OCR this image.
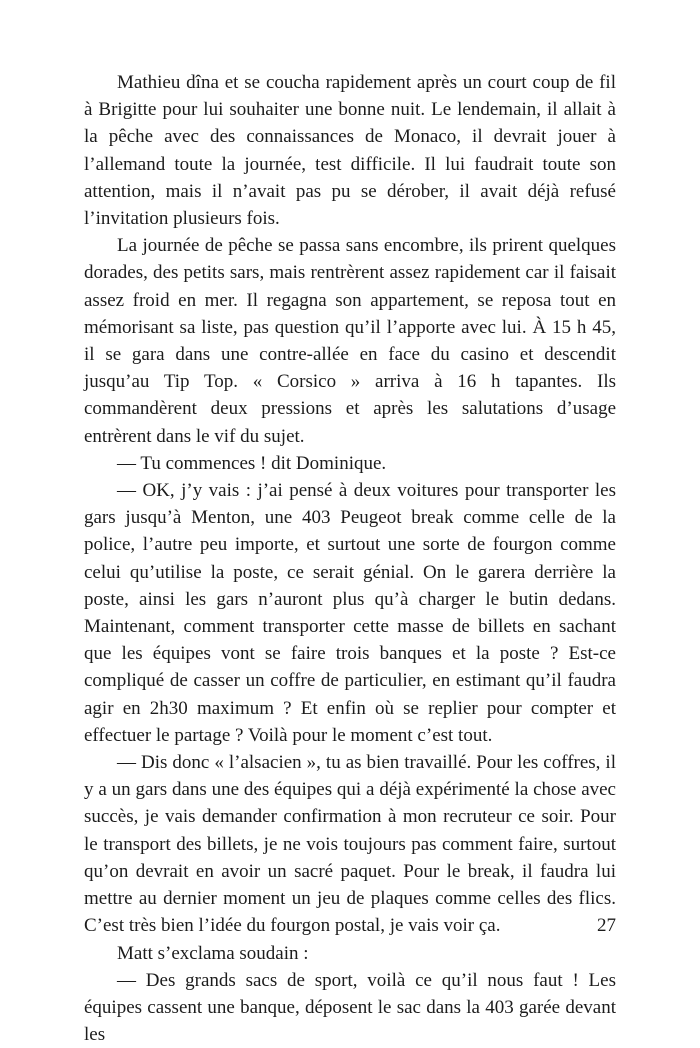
Mathieu dîna et se coucha rapidement après un court coup de fil à Brigitte pour lui souhaiter une bonne nuit. Le lendemain, il allait à la pêche avec des connaissances de Monaco, il devrait jouer à l’allemand toute la journée, test difficile. Il lui faudrait toute son attention, mais il n’avait pas pu se dérober, il avait déjà refusé l’invitation plusieurs fois.

La journée de pêche se passa sans encombre, ils prirent quelques dorades, des petits sars, mais rentrèrent assez rapidement car il faisait assez froid en mer. Il regagna son appartement, se reposa tout en mémorisant sa liste, pas question qu’il l’apporte avec lui. À 15 h 45, il se gara dans une contre-allée en face du casino et descendit jusqu’au Tip Top. « Corsico » arriva à 16 h tapantes. Ils commandèrent deux pressions et après les salutations d’usage entrèrent dans le vif du sujet.

— Tu commences ! dit Dominique.

— OK, j’y vais : j’ai pensé à deux voitures pour transporter les gars jusqu’à Menton, une 403 Peugeot break comme celle de la police, l’autre peu importe, et surtout une sorte de fourgon comme celui qu’utilise la poste, ce serait génial. On le garera derrière la poste, ainsi les gars n’auront plus qu’à charger le butin dedans. Maintenant, comment transporter cette masse de billets en sachant que les équipes vont se faire trois banques et la poste ? Est-ce compliqué de casser un coffre de particulier, en estimant qu’il faudra agir en 2h30 maximum ? Et enfin où se replier pour compter et effectuer le partage ? Voilà pour le moment c’est tout.

— Dis donc « l’alsacien », tu as bien travaillé. Pour les coffres, il y a un gars dans une des équipes qui a déjà expérimenté la chose avec succès, je vais demander confirmation à mon recruteur ce soir. Pour le transport des billets, je ne vois toujours pas comment faire, surtout qu’on devrait en avoir un sacré paquet. Pour le break, il faudra lui mettre au dernier moment un jeu de plaques comme celles des flics. C’est très bien l’idée du fourgon postal, je vais voir ça.

Matt s’exclama soudain :

— Des grands sacs de sport, voilà ce qu’il nous faut ! Les équipes cassent une banque, déposent le sac dans la 403 garée devant les

27
